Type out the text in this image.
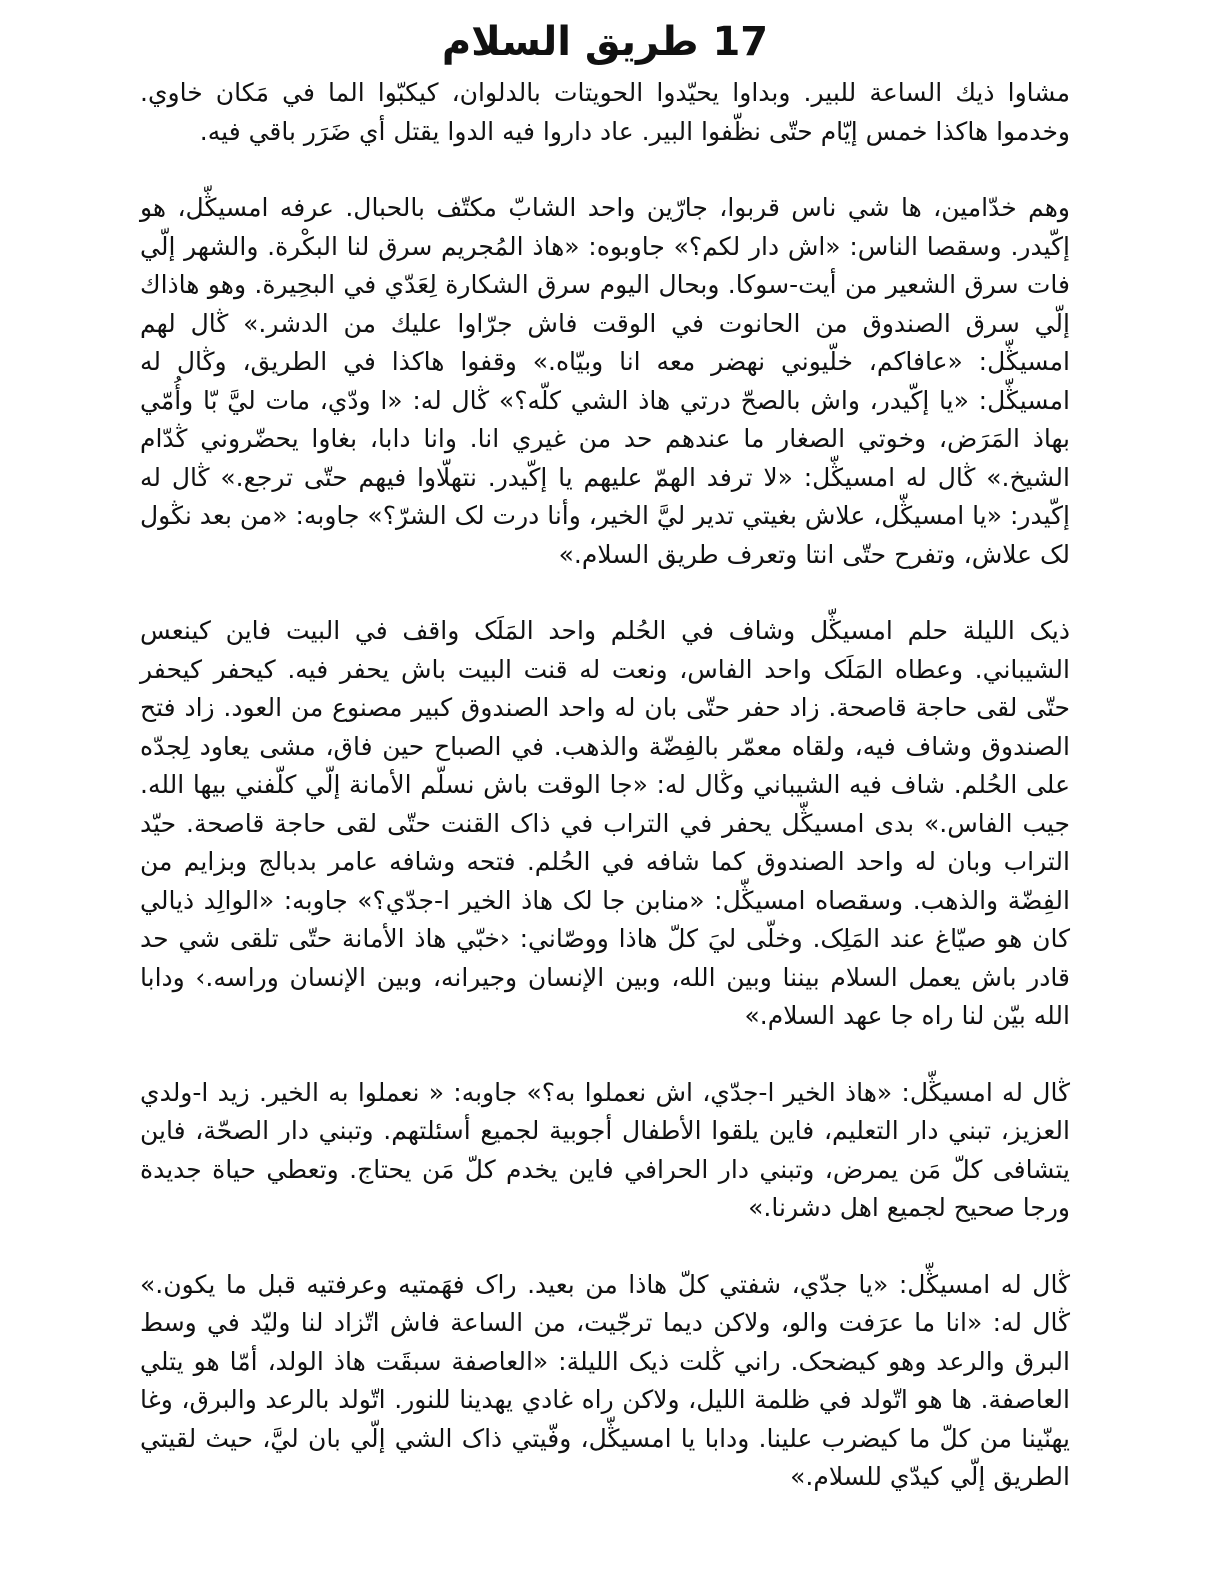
17 طريق السلام

مشاوا ذيك الساعة للبير. وبداوا يحيّدوا الحويتات بالدلوان، كيكبّوا الما في مَكان خاوي. وخدموا هاكذا خمس إيّام حتّى نظّفوا البير. عاد داروا فيه الدوا يقتل أي ضَرَر باقي فيه.

وهم خدّامين، ها شي ناس قربوا، جارّين واحد الشابّ مكتّف بالحبال. عرفه امسيڭّل، هو إكّيدر. وسقصا الناس: «اش دار لكم؟» جاوبوه: «هاذ المُجريم سرق لنا البكْرة. والشهر إلّي فات سرق الشعير من أيت-سوكا. وبحال اليوم سرق الشكارة لِعَدّي في البحِيرة. وهو هاذاك إلّي سرق الصندوق من الحانوت في الوقت فاش جرّاوا عليك من الدشر.» ڭال لهم امسيڭّل: «عافاكم، خلّيوني نهضر معه انا وبيّاه.» وقفوا هاكذا في الطريق، وڭال له امسيڭّل: «يا إكّيدر، واش بالصحّ درتي هاذ الشي كلّه؟» ڭال له: «ا ودّي، مات ليَّ بّا وأُمّي بهاذ المَرَض، وخوتي الصغار ما عندهم حد من غيري انا. وانا دابا، بغاوا يحضّروني ڭدّام الشيخ.» ڭال له امسيڭّل: «لا ترفد الهمّ عليهم يا إكّيدر. نتهلّاوا فيهم حتّى ترجع.» ڭال له إكّيدر: «يا امسيڭّل، علاش بغيتي تدير ليَّ الخير، وأنا درت لک الشرّ؟» جاوبه: «من بعد نڭول لک علاش، وتفرح حتّى انتا وتعرف طريق السلام.»

ذيک الليلة حلم امسيڭّل وشاف في الحُلم واحد المَلَک واقف في البيت فاين كينعس الشيباني. وعطاه المَلَک واحد الفاس، ونعت له قنت البيت باش يحفر فيه. كيحفر كيحفر حتّى لقى حاجة قاصحة. زاد حفر حتّى بان له واحد الصندوق كبير مصنوع من العود. زاد فتح الصندوق وشاف فيه، ولقاه معمّر بالفِضّة والذهب. في الصباح حين فاق، مشى يعاود لِجدّه على الحُلم. شاف فيه الشيباني وڭال له: «جا الوقت باش نسلّم الأمانة إلّي كلّفني بيها الله. جيب الفاس.» بدى امسيڭّل يحفر في التراب في ذاک القنت حتّى لقى حاجة قاصحة. حيّد التراب وبان له واحد الصندوق كما شافه في الحُلم. فتحه وشافه عامر بدبالج وبزايم من الفِضّة والذهب. وسقصاه امسيڭّل: «منابن جا لک هاذ الخير ا-جدّي؟» جاوبه: «الوالِد ذيالي كان هو صيّاغ عند المَلِک. وخلّى ليَ كلّ هاذا ووصّاني: ‹خبّي هاذ الأمانة حتّى تلقى شي حد قادر باش يعمل السلام بيننا وبين الله، وبين الإنسان وجيرانه، وبين الإنسان وراسه.› ودابا الله بيّن لنا راه جا عهد السلام.»

ڭال له امسيڭّل: «هاذ الخير ا-جدّي، اش نعملوا به؟» جاوبه: « نعملوا به الخير. زيد ا-ولدي العزيز، تبني دار التعليم، فاين يلقوا الأطفال أجوبية لجميع أسئلتهم. وتبني دار الصحّة، فاين يتشافى كلّ مَن يمرض، وتبني دار الحرافي فاين يخدم كلّ مَن يحتاج. وتعطي حياة جديدة ورجا صحيح لجميع اهل دشرنا.»

ڭال له امسيڭّل: «يا جدّي، شفتي كلّ هاذا من بعيد. راک فهَمتيه وعرفتيه قبل ما يكون.» ڭال له: «انا ما عرَفت والو، ولاكن ديما ترجّيت، من الساعة فاش اتّزاد لنا وليّد في وسط البرق والرعد وهو كيضحک. راني ڭلت ذيک الليلة: «العاصفة سبقَت هاذ الولد، أمّا هو يتلي العاصفة. ها هو اتّولد في ظلمة الليل، ولاكن راه غادي يهدينا للنور. اتّولد بالرعد والبرق، وغا يهنّينا من كلّ ما كيضرب علينا. ودابا يا امسيڭّل، وفّيتي ذاک الشي إلّي بان ليَّ، حيث لقيتي الطريق إلّي كيدّي للسلام.»
